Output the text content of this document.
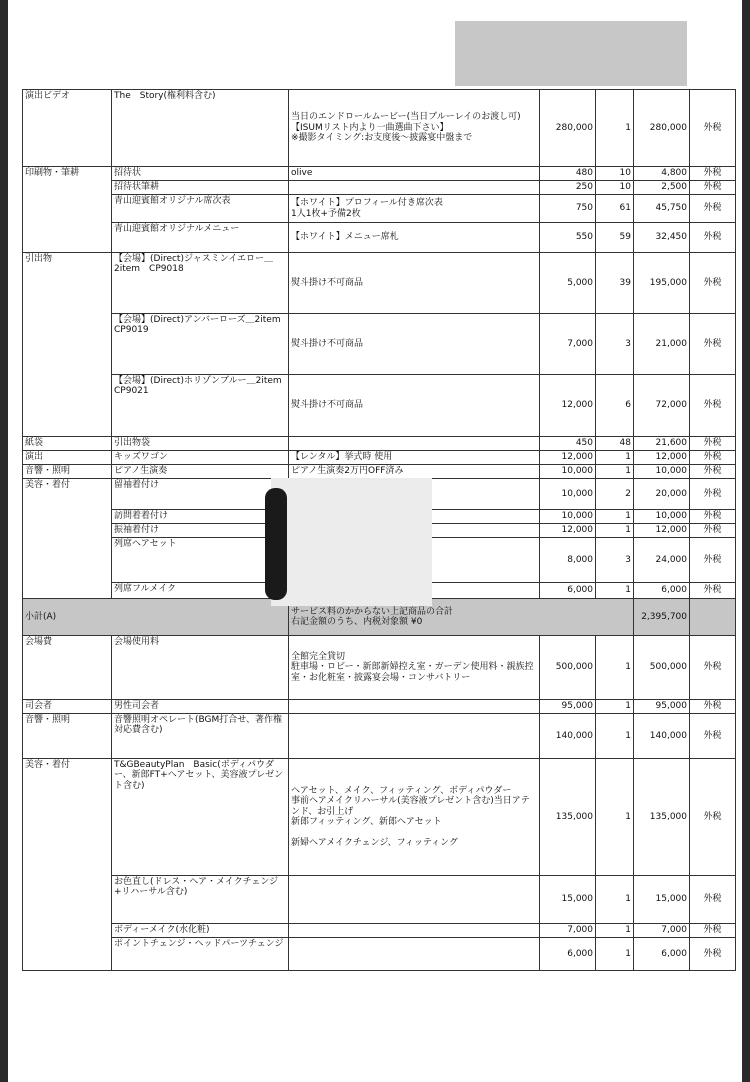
演出ビデオ	The　Story(権利料含む)	当日のエンドロールムービー(当日ブルーレイのお渡し可)
【ISUMリスト内より一曲選曲下さい】
※撮影タイミング:お支度後〜披露宴中盤まで	280,000	1	280,000	外税
印刷物・筆耕	招待状	olive	480	10	4,800	外税
	招待状筆耕		250	10	2,500	外税
	青山迎賓館オリジナル席次表	【ホワイト】プロフィール付き席次表
1人1枚+予備2枚	750	61	45,750	外税
	青山迎賓館オリジナルメニュー	【ホワイト】メニュー席札	550	59	32,450	外税
引出物	【会場】(Direct)ジャスミンイエロー＿2item　CP9018	熨斗掛け不可商品	5,000	39	195,000	外税
	【会場】(Direct)アンバーローズ＿2item　CP9019	熨斗掛け不可商品	7,000	3	21,000	外税
	【会場】(Direct)ホリゾンブルー＿2item　CP9021	熨斗掛け不可商品	12,000	6	72,000	外税
紙袋	引出物袋		450	48	21,600	外税
演出	キッズワゴン	【レンタル】挙式時 使用	12,000	1	12,000	外税
音響・照明	ピアノ生演奏	ピアノ生演奏2万円OFF済み	10,000	1	10,000	外税
美容・着付	留袖着付け		10,000	2	20,000	外税
	訪問着着付け		10,000	1	10,000	外税
	振袖着付け		12,000	1	12,000	外税
	列席ヘアセット		8,000	3	24,000	外税
	列席フルメイク		6,000	1	6,000	外税
小計(A)		サービス料のかからない上記商品の合計
右記金額のうち、内税対象額 ¥0			2,395,700	
会場費	会場使用料	全館完全貸切
駐車場・ロビー・新郎新婦控え室・ガーデン使用料・親族控室・お化粧室・披露宴会場・コンサバトリー	500,000	1	500,000	外税
司会者	男性司会者		95,000	1	95,000	外税
音響・照明	音響照明オペレート(BGM打合せ、著作権対応費含む)		140,000	1	140,000	外税
美容・着付	T&GBeautyPlan　Basic(ボディパウダー、新郎FT+ヘアセット、美容液プレゼント含む)	ヘアセット、メイク、フィッティング、ボディパウダー
事前ヘアメイクリハーサル(美容液プレゼント含む)当日アテンド、お引上げ
新郎フィッティング、新郎ヘアセット

新婦ヘアメイクチェンジ、フィッティング	135,000	1	135,000	外税
	お色直し(ドレス・ヘア・メイクチェンジ+リハーサル含む)		15,000	1	15,000	外税
	ボディーメイク(水化粧)		7,000	1	7,000	外税
	ポイントチェンジ・ヘッドパーツチェンジ		6,000	1	6,000	外税
